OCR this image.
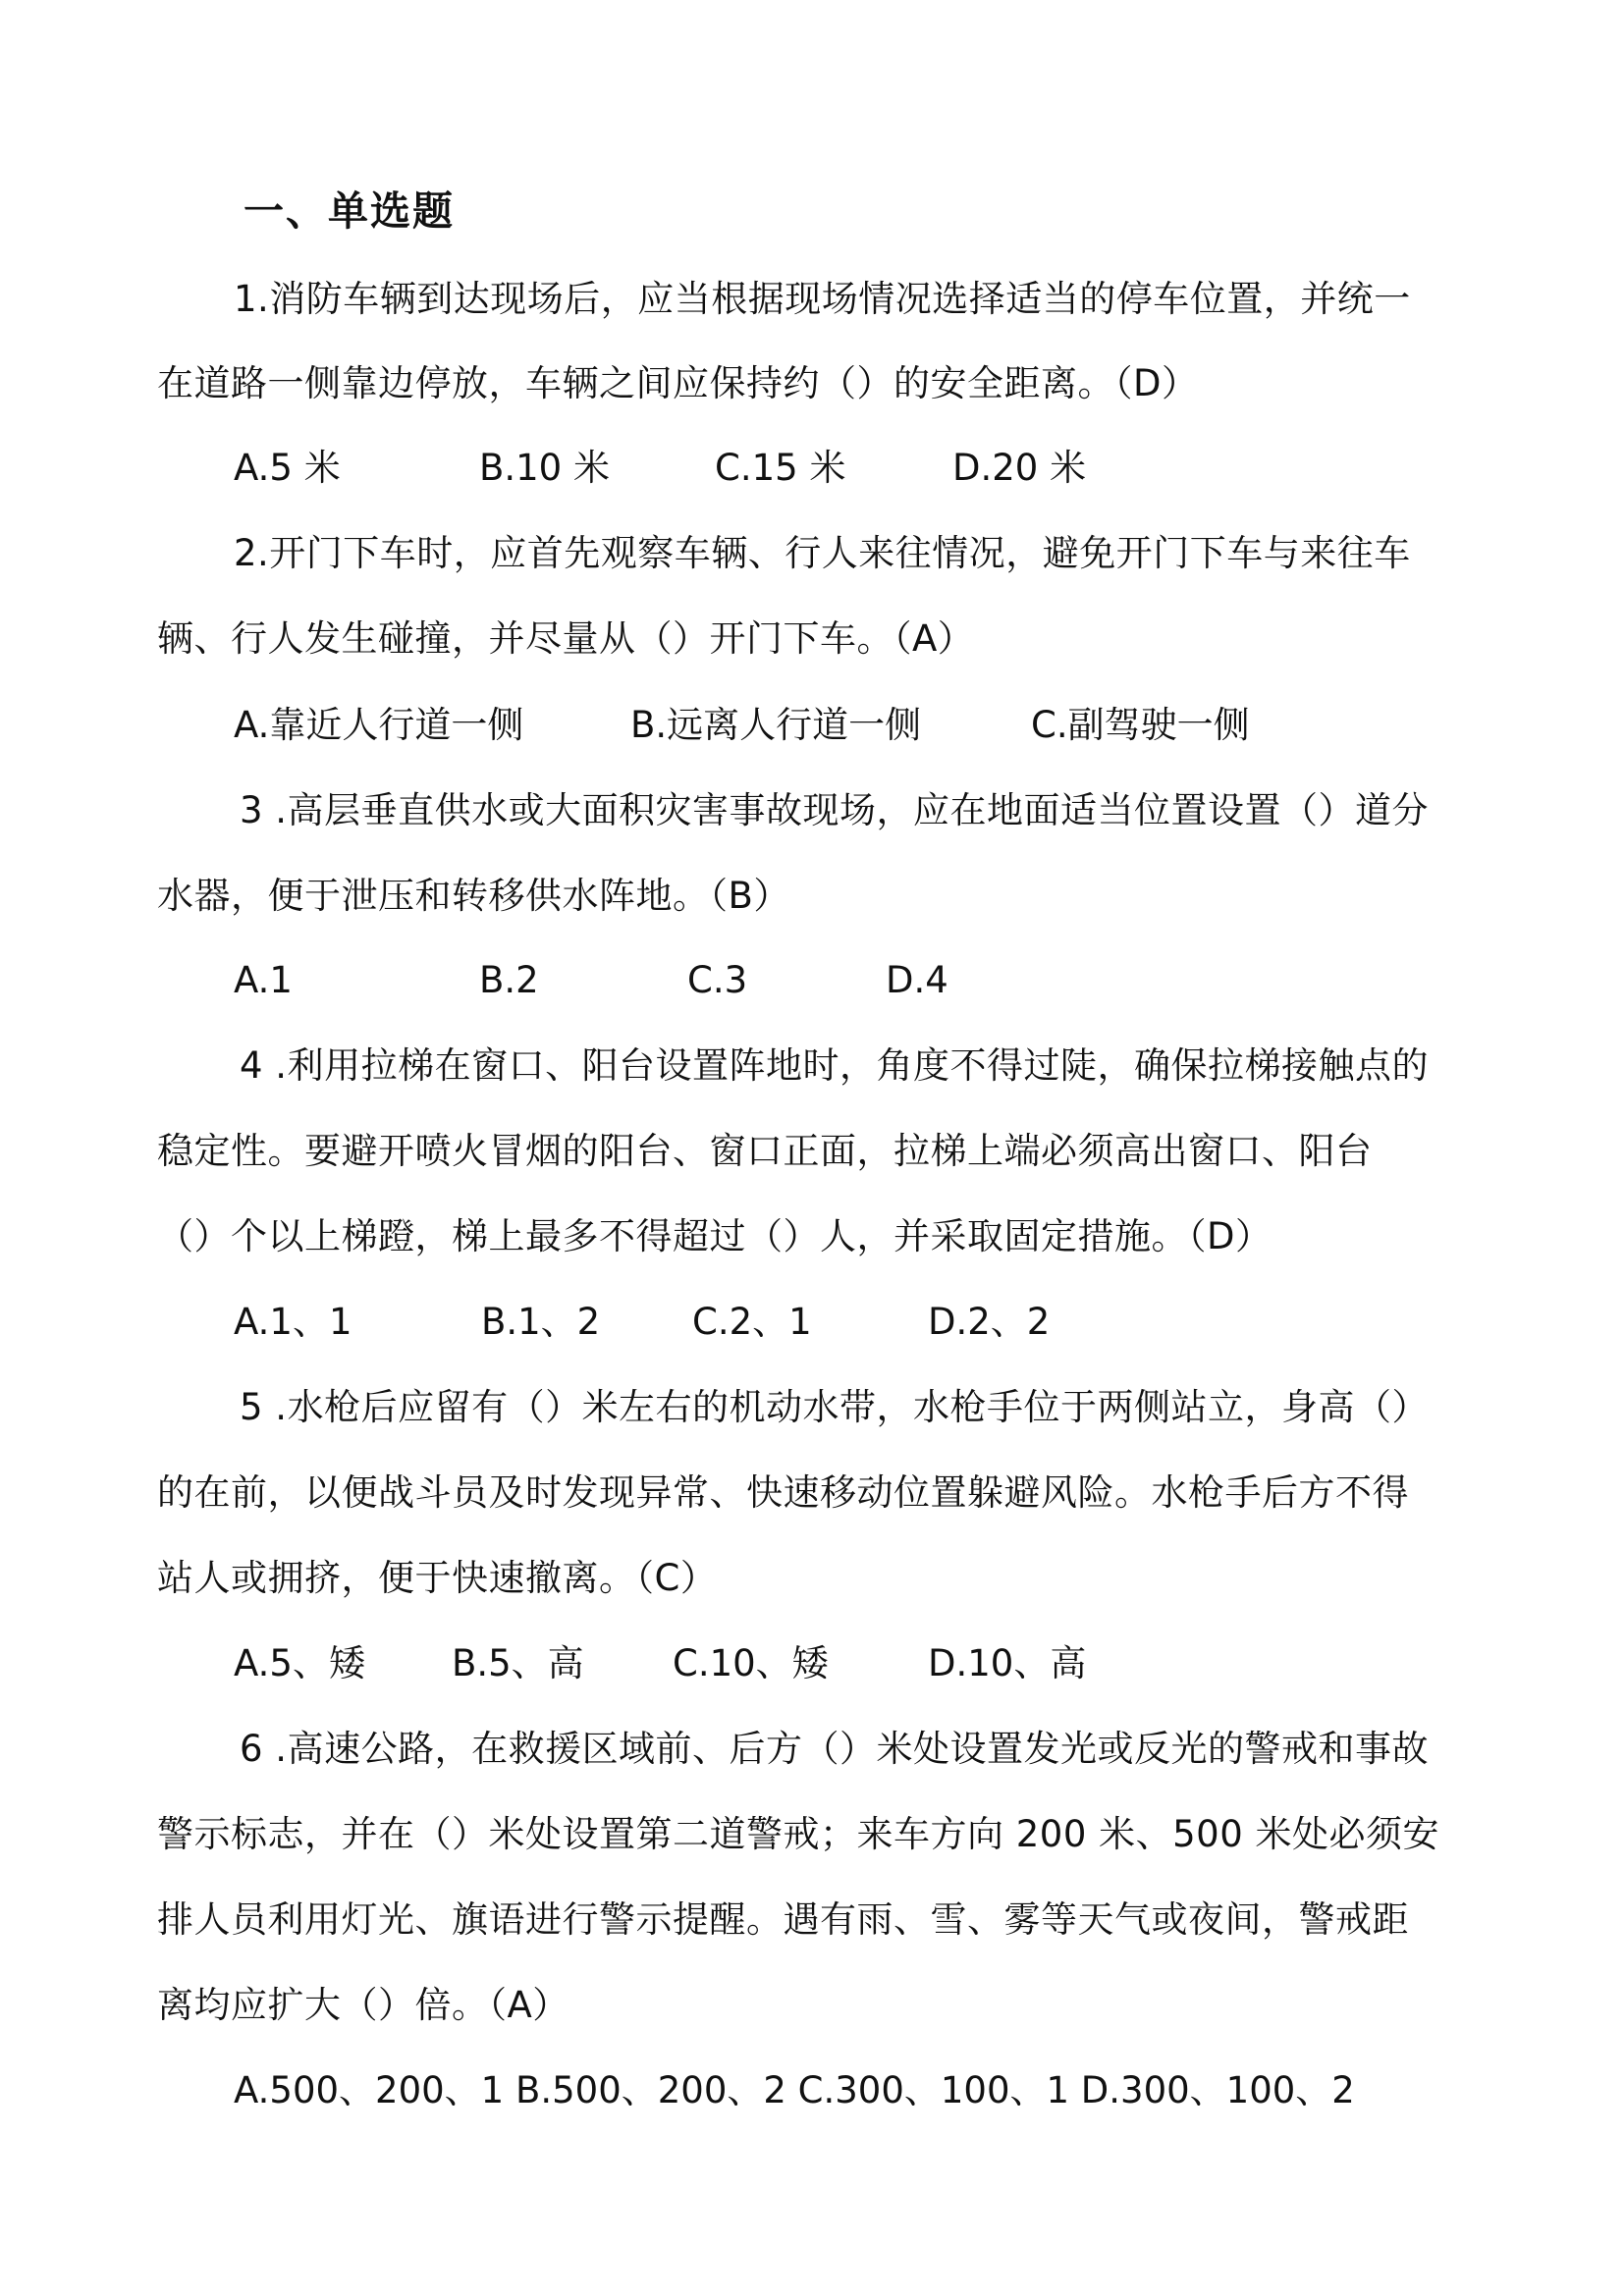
一、单选题
1.消防车辆到达现场后，应当根据现场情况选择适当的停车位置，并统一
在道路一侧靠边停放，车辆之间应保持约（）的安全距离。（D）
A.5 米	B.10 米	C.15 米	D.20 米
2.开门下车时，应首先观察车辆、行人来往情况，避免开门下车与来往车
辆、行人发生碰撞，并尽量从（）开门下车。（A）
A.靠近人行道一侧	B.远离人行道一侧	C.副驾驶一侧
3 .高层垂直供水或大面积灾害事故现场，应在地面适当位置设置（）道分
水器，便于泄压和转移供水阵地。（B）
A.1	B.2	C.3	D.4
4 .利用拉梯在窗口、阳台设置阵地时，角度不得过陡，确保拉梯接触点的
稳定性。要避开喷火冒烟的阳台、窗口正面，拉梯上端必须高出窗口、阳台
（）个以上梯蹬，梯上最多不得超过（）人，并采取固定措施。（D）
A.1、1	B.1、2	C.2、1	D.2、2
5 .水枪后应留有（）米左右的机动水带，水枪手位于两侧站立，身高（）
的在前，以便战斗员及时发现异常、快速移动位置躲避风险。水枪手后方不得
站人或拥挤，便于快速撤离。（C）
A.5、矮 B.5、高 C.10、矮	D.10、高
6 .高速公路，在救援区域前、后方（）米处设置发光或反光的警戒和事故
警示标志，并在（）米处设置第二道警戒；来车方向 200 米、500 米处必须安
排人员利用灯光、旗语进行警示提醒。遇有雨、雪、雾等天气或夜间，警戒距
离均应扩大（）倍。（A）
A.500、200、1 B.500、200、2 C.300、100、1 D.300、100、2
